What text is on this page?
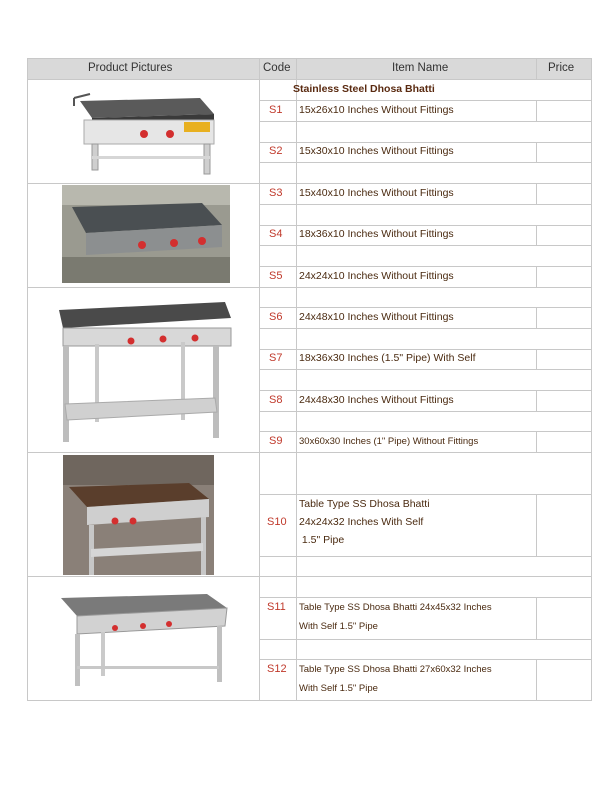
Product Pictures	Code	Item Name	Price
Stainless Steel Dhosa Bhatti
S1 15x26x10 Inches Without Fittings
S2 15x30x10 Inches Without Fittings
S3 15x40x10 Inches Without Fittings
S4 18x36x10 Inches Without Fittings
S5 24x24x10 Inches Without Fittings
S6 24x48x10 Inches Without Fittings
S7 18x36x30 Inches (1.5" Pipe) With Self
S8 24x48x30 Inches Without Fittings
S9 30x60x30 Inches (1" Pipe) Without Fittings
S10
Table Type SS Dhosa Bhatti
24x24x32 Inches With Self
1.5" Pipe
S11 Table Type SS Dhosa Bhatti 24x45x32 Inches
With Self 1.5" Pipe
S12 Table Type SS Dhosa Bhatti 27x60x32 Inches
With Self 1.5" Pipe
